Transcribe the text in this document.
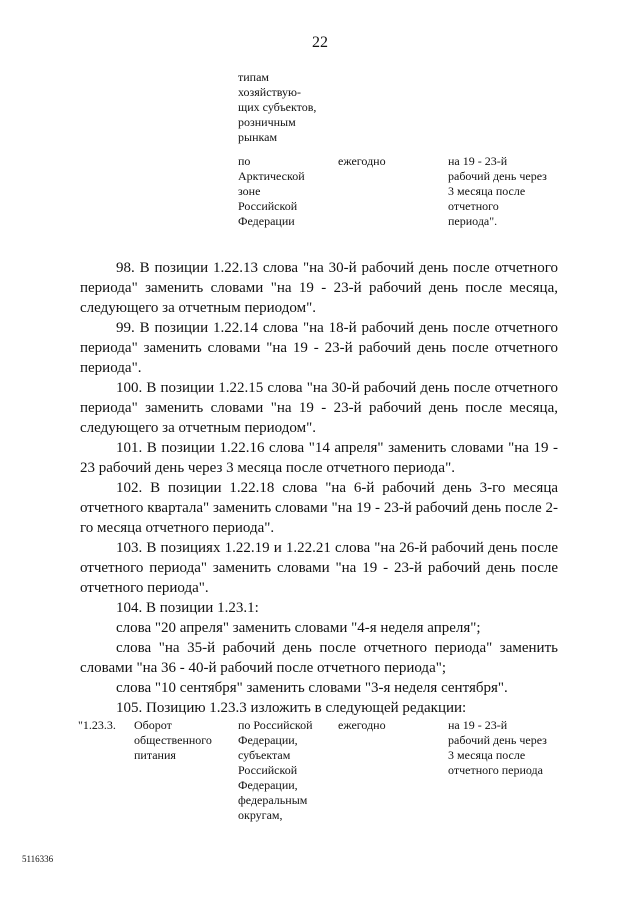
22
типам
хозяйствую-
щих субъектов,
розничным
рынкам
по
Арктической
зоне
Российской
Федерации
ежегодно	на 19 - 23-й
рабочий день через
3 месяца после
отчетного
периода".

98. В позиции 1.22.13 слова "на 30-й рабочий день после отчетного периода" заменить словами "на 19 - 23-й рабочий день после месяца, следующего за отчетным периодом".

99. В позиции 1.22.14 слова "на 18-й рабочий день после отчетного периода" заменить словами "на 19 - 23-й рабочий день после отчетного периода".

100. В позиции 1.22.15 слова "на 30-й рабочий день после отчетного периода" заменить словами "на 19 - 23-й рабочий день после месяца, следующего за отчетным периодом".

101. В позиции 1.22.16 слова "14 апреля" заменить словами "на 19 - 23 рабочий день через 3 месяца после отчетного периода".

102. В позиции 1.22.18 слова "на 6-й рабочий день 3-го месяца отчетного квартала" заменить словами "на 19 - 23-й рабочий день после 2-го месяца отчетного периода".

103. В позициях 1.22.19 и 1.22.21 слова "на 26-й рабочий день после отчетного периода" заменить словами "на 19 - 23-й рабочий день после отчетного периода".

104. В позиции 1.23.1:

слова "20 апреля" заменить словами "4-я неделя апреля";

слова "на 35-й рабочий день после отчетного периода" заменить словами "на 36 - 40-й рабочий после отчетного периода";

слова "10 сентября" заменить словами "3-я неделя сентября".

105. Позицию 1.23.3 изложить в следующей редакции:

"1.23.3. Оборот
общественного
питания
по Российской
Федерации,
субъектам
Российской
Федерации,
федеральным
округам,
ежегодно	на 19 - 23-й
рабочий день через
3 месяца после
отчетного периода
5116336
